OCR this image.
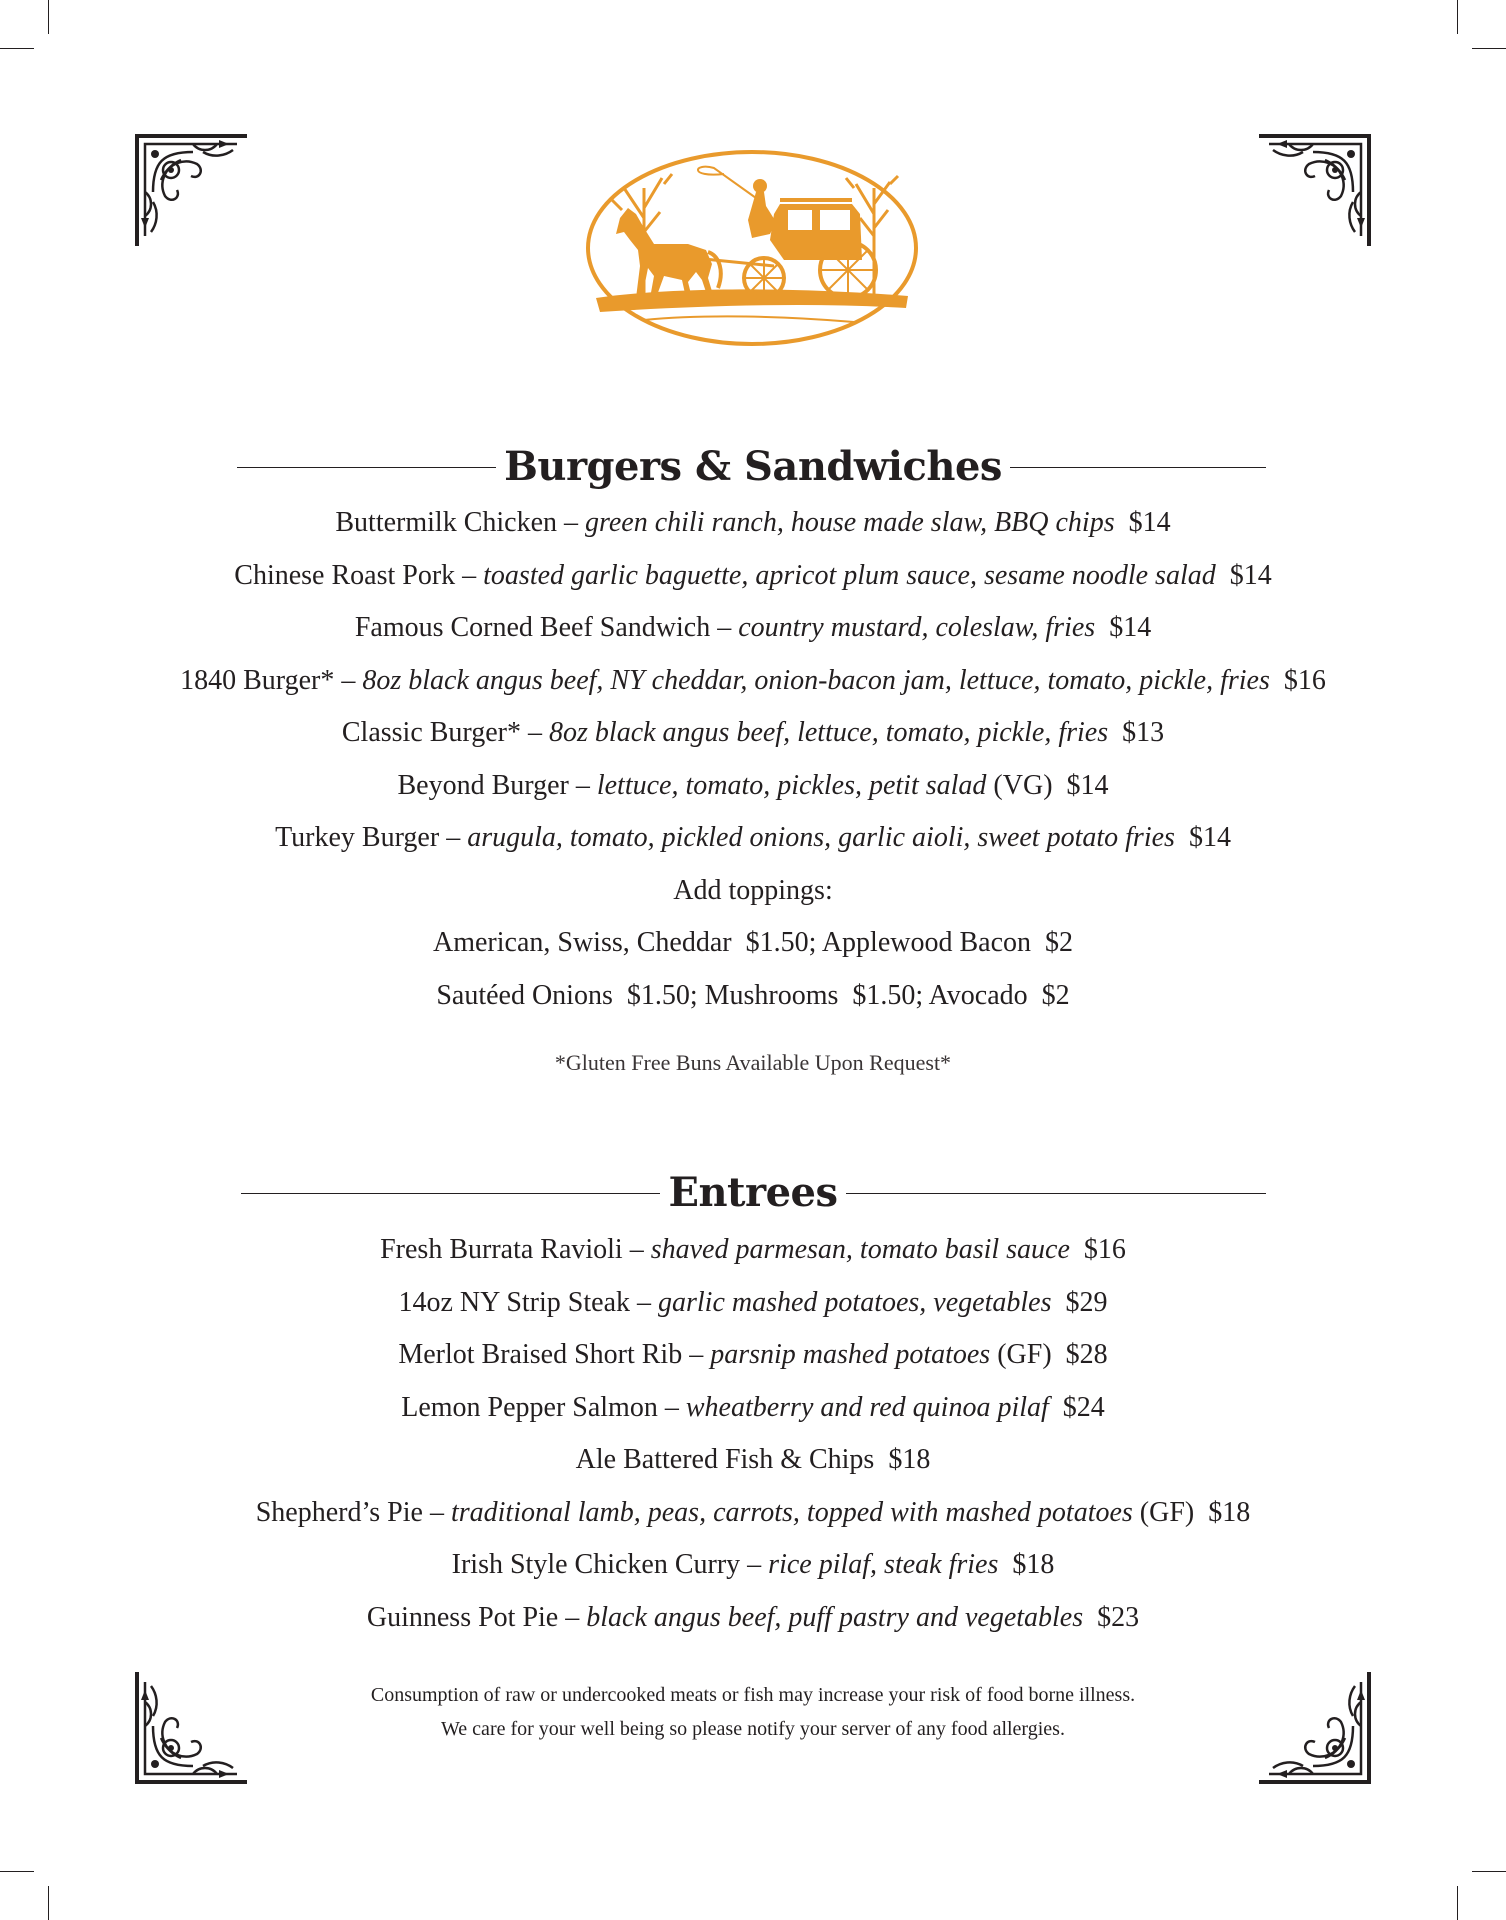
Burgers & Sandwiches
Buttermilk Chicken – green chili ranch, house made slaw, BBQ chips  $14
Chinese Roast Pork – toasted garlic baguette, apricot plum sauce, sesame noodle salad  $14
Famous Corned Beef Sandwich – country mustard, coleslaw, fries  $14
1840 Burger* – 8oz black angus beef, NY cheddar, onion-bacon jam, lettuce, tomato, pickle, fries  $16
Classic Burger* – 8oz black angus beef, lettuce, tomato, pickle, fries  $13
Beyond Burger – lettuce, tomato, pickles, petit salad (VG)  $14
Turkey Burger – arugula, tomato, pickled onions, garlic aioli, sweet potato fries  $14
Add toppings:
American, Swiss, Cheddar  $1.50; Applewood Bacon  $2
Sautéed Onions  $1.50; Mushrooms  $1.50; Avocado  $2
*Gluten Free Buns Available Upon Request*
Entrees
Fresh Burrata Ravioli – shaved parmesan, tomato basil sauce  $16
14oz NY Strip Steak – garlic mashed potatoes, vegetables  $29
Merlot Braised Short Rib – parsnip mashed potatoes (GF)  $28
Lemon Pepper Salmon – wheatberry and red quinoa pilaf  $24
Ale Battered Fish & Chips  $18
Shepherd’s Pie – traditional lamb, peas, carrots, topped with mashed potatoes (GF)  $18
Irish Style Chicken Curry – rice pilaf, steak fries  $18
Guinness Pot Pie – black angus beef, puff pastry and vegetables  $23
Consumption of raw or undercooked meats or fish may increase your risk of food borne illness.
We care for your well being so please notify your server of any food allergies.
